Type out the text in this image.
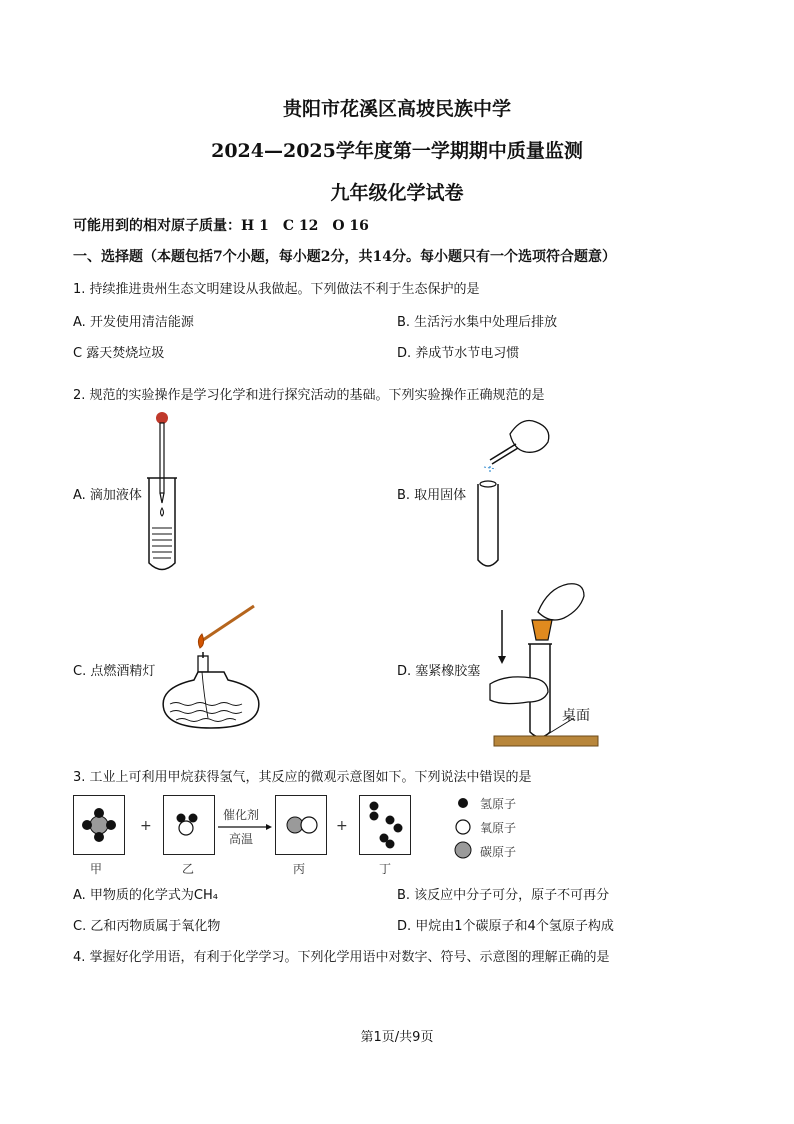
贵阳市花溪区高坡民族中学
2024—2025学年度第一学期期中质量监测
九年级化学试卷
可能用到的相对原子质量：H 1　C 12　O 16
一、选择题（本题包括7个小题，每小题2分，共14分。每小题只有一个选项符合题意）
1. 持续推进贵州生态文明建设从我做起。下列做法不利于生态保护的是
A. 开发使用清洁能源	B. 生活污水集中处理后排放
C 露天焚烧垃圾	D. 养成节水节电习惯
2. 规范的实验操作是学习化学和进行探究活动的基础。下列实验操作正确规范的是
A. 滴加液体	B. 取用固体
C. 点燃酒精灯	D. 塞紧橡胶塞
桌面
3. 工业上可利用甲烷获得氢气，其反应的微观示意图如下。下列说法中错误的是
+
催化剂
高温
+
甲	乙	丙	丁
氢原子
氧原子
碳原子
A. 甲物质的化学式为CH₄	B. 该反应中分子可分，原子不可再分
C. 乙和丙物质属于氧化物	D. 甲烷由1个碳原子和4个氢原子构成
4. 掌握好化学用语，有利于化学学习。下列化学用语中对数字、符号、示意图的理解正确的是
第1页/共9页
